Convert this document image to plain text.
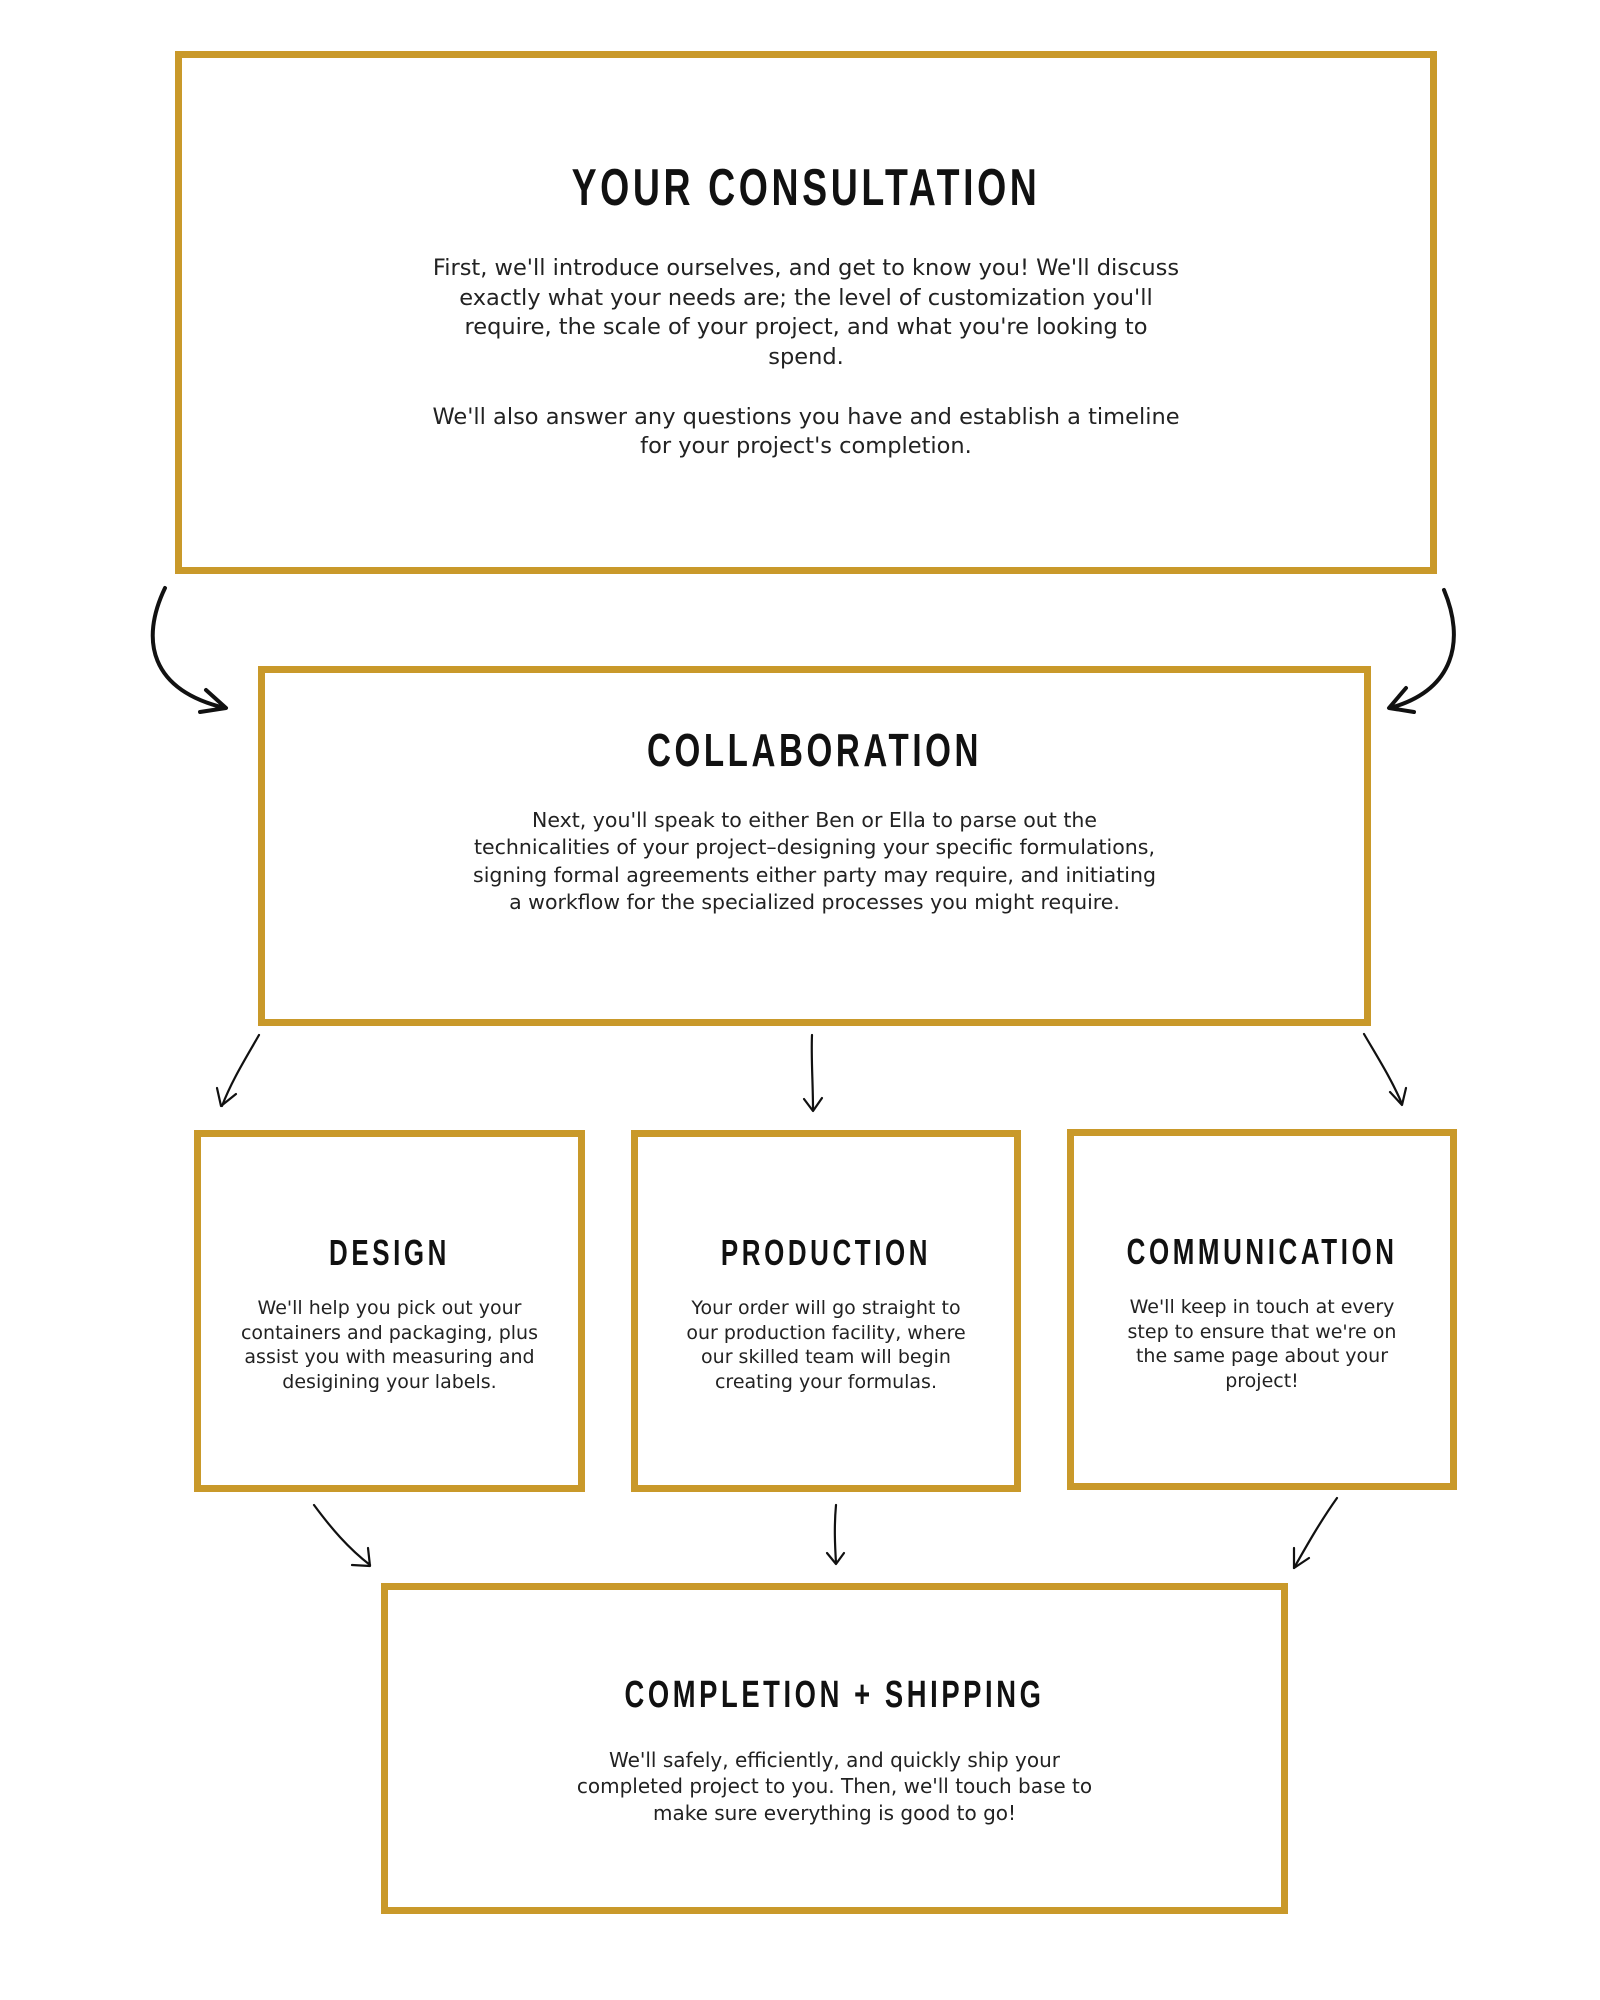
YOUR CONSULTATION

First, we'll introduce ourselves, and get to know you! We'll discuss exactly what your needs are; the level of customization you'll require, the scale of your project, and what you're looking to spend.

We'll also answer any questions you have and establish a timeline for your project's completion.

COLLABORATION

Next, you'll speak to either Ben or Ella to parse out the technicalities of your project–designing your specific formulations, signing formal agreements either party may require, and initiating a workflow for the specialized processes you might require.

DESIGN

We'll help you pick out your containers and packaging, plus assist you with measuring and desigining your labels.

PRODUCTION

Your order will go straight to our production facility, where our skilled team will begin creating your formulas.

COMMUNICATION

We'll keep in touch at every step to ensure that we're on the same page about your project!

COMPLETION + SHIPPING

We'll safely, efficiently, and quickly ship your completed project to you. Then, we'll touch base to make sure everything is good to go!
